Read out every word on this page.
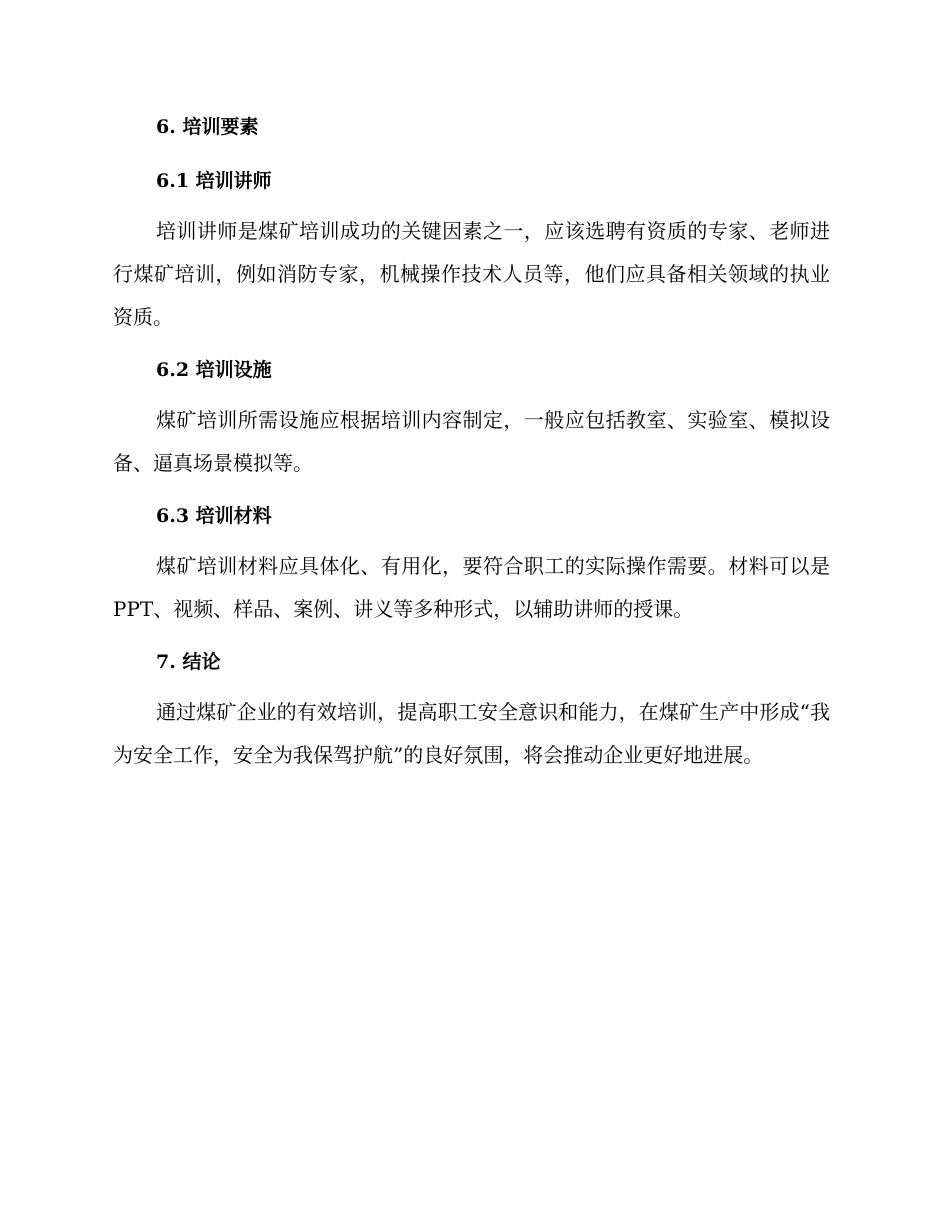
6. 培训要素
6.1 培训讲师

培训讲师是煤矿培训成功的关键因素之一，应该选聘有资质的专家、老师进行煤矿培训，例如消防专家，机械操作技术人员等，他们应具备相关领域的执业资质。

6.2 培训设施

煤矿培训所需设施应根据培训内容制定，一般应包括教室、实验室、模拟设备、逼真场景模拟等。

6.3 培训材料

煤矿培训材料应具体化、有用化，要符合职工的实际操作需要。材料可以是 PPT、视频、样品、案例、讲义等多种形式，以辅助讲师的授课。

7. 结论

通过煤矿企业的有效培训，提高职工安全意识和能力，在煤矿生产中形成“我为安全工作，安全为我保驾护航”的良好氛围，将会推动企业更好地进展。
